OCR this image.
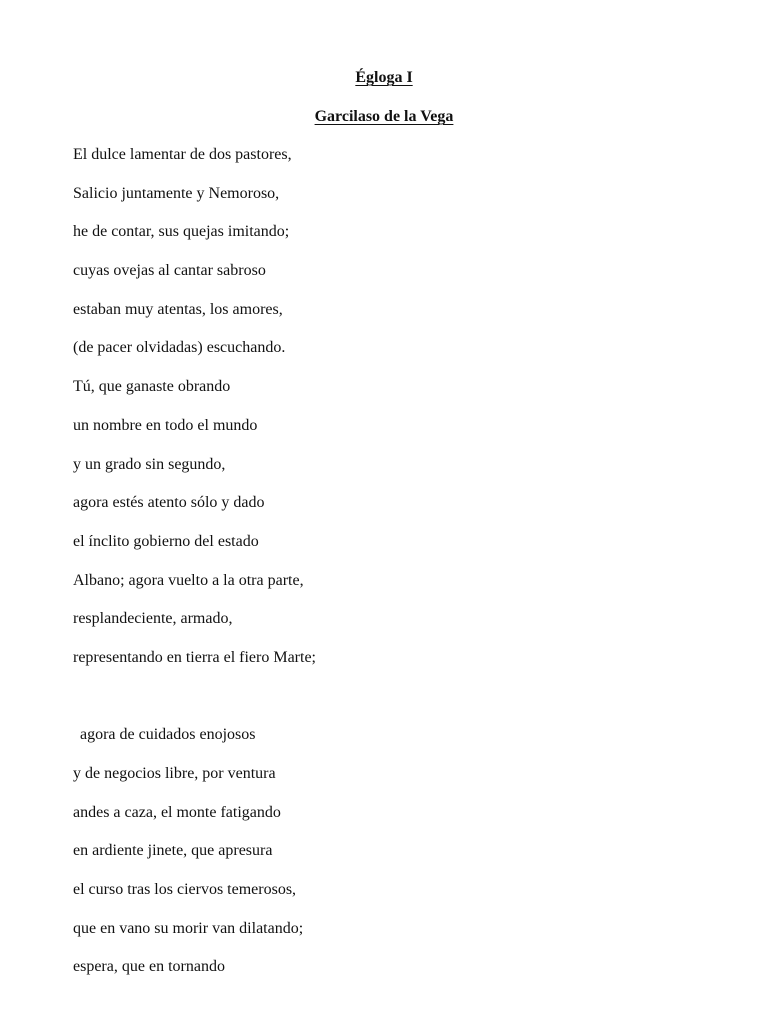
Égloga I
Garcilaso de la Vega
El dulce lamentar de dos pastores,
Salicio juntamente y Nemoroso,
he de contar, sus quejas imitando;
cuyas ovejas al cantar sabroso
estaban muy atentas, los amores,
(de pacer olvidadas) escuchando.
Tú, que ganaste obrando
un nombre en todo el mundo
y un grado sin segundo,
agora estés atento sólo y dado
el ínclito gobierno del estado
Albano; agora vuelto a la otra parte,
resplandeciente, armado,
representando en tierra el fiero Marte;
agora de cuidados enojosos
y de negocios libre, por ventura
andes a caza, el monte fatigando
en ardiente jinete, que apresura
el curso tras los ciervos temerosos,
que en vano su morir van dilatando;
espera, que en tornando
